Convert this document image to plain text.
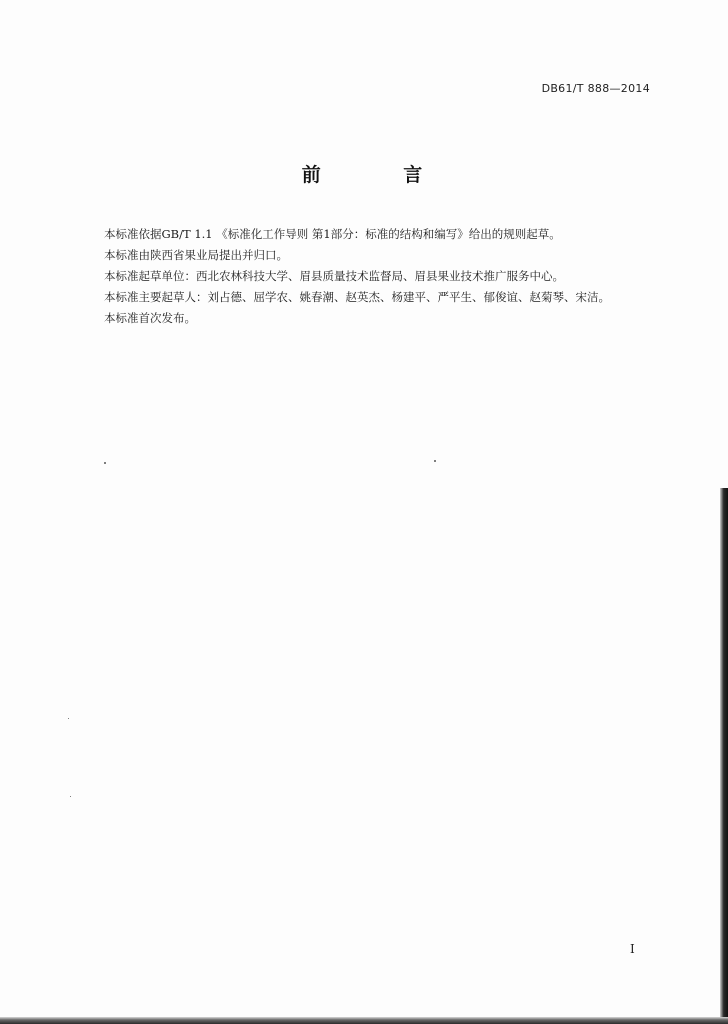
DB61/T 888—2014
前 言

本标准依据GB/T 1.1 《标准化工作导则 第1部分：标准的结构和编写》给出的规则起草。

本标准由陕西省果业局提出并归口。

本标准起草单位：西北农林科技大学、眉县质量技术监督局、眉县果业技术推广服务中心。

本标准主要起草人：刘占德、屈学农、姚春潮、赵英杰、杨建平、严平生、郁俊谊、赵菊琴、宋洁。

本标准首次发布。

I
